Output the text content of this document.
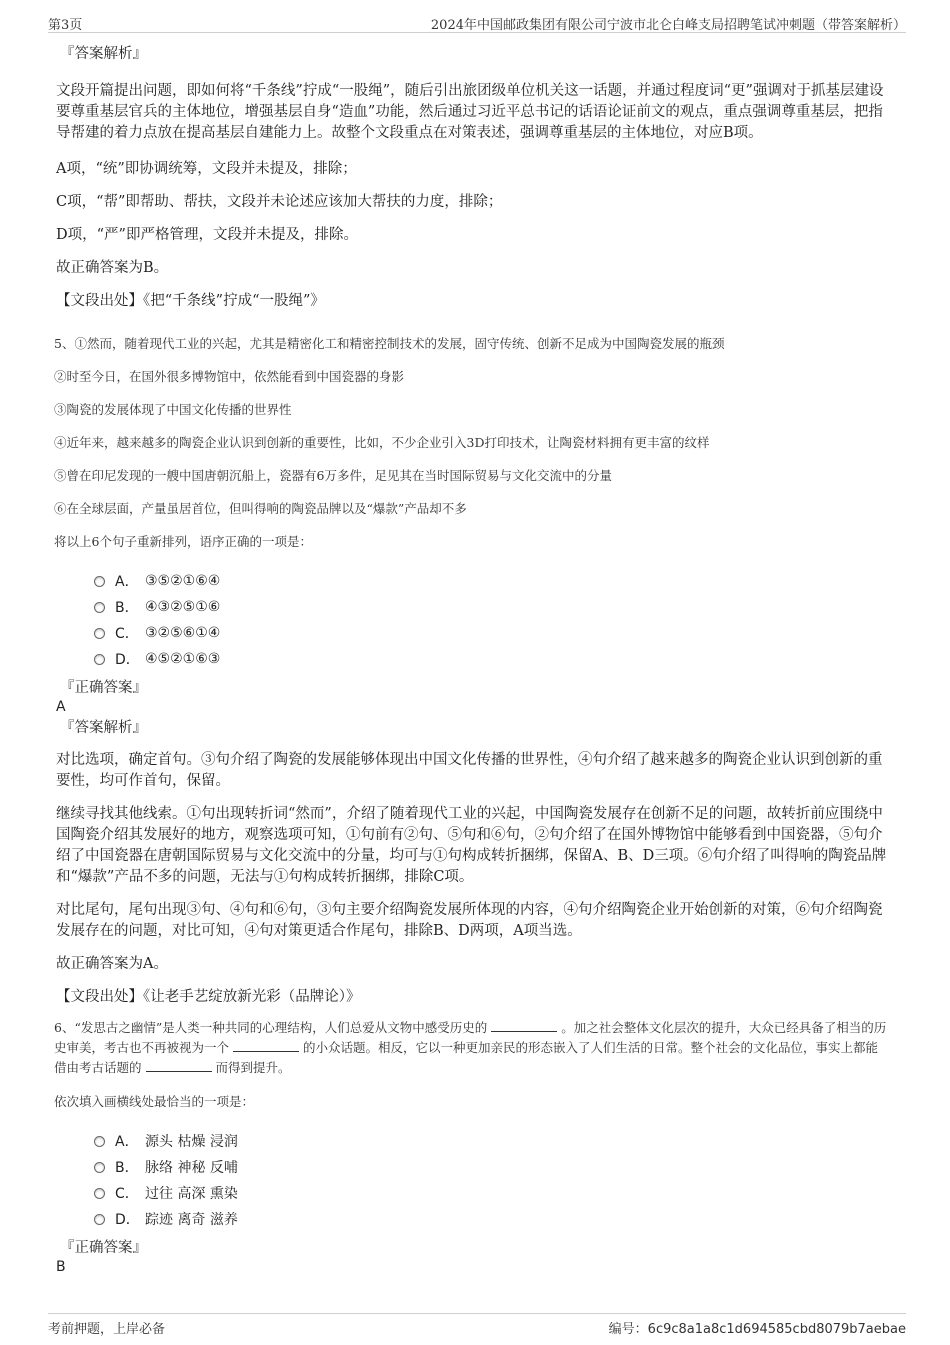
第3页	2024年中国邮政集团有限公司宁波市北仑白峰支局招聘笔试冲刺题（带答案解析）

『答案解析』

文段开篇提出问题，即如何将“千条线”拧成“一股绳”，随后引出旅团级单位机关这一话题，并通过程度词“更”强调对于抓基层建设要尊重基层官兵的主体地位，增强基层自身“造血”功能，然后通过习近平总书记的话语论证前文的观点，重点强调尊重基层，把指导帮建的着力点放在提高基层自建能力上。故整个文段重点在对策表述，强调尊重基层的主体地位，对应B项。

A项，“统”即协调统筹，文段并未提及，排除；

C项，“帮”即帮助、帮扶，文段并未论述应该加大帮扶的力度，排除；

D项，“严”即严格管理，文段并未提及，排除。

故正确答案为B。

【文段出处】《把“千条线”拧成“一股绳”》

5、①然而，随着现代工业的兴起，尤其是精密化工和精密控制技术的发展，固守传统、创新不足成为中国陶瓷发展的瓶颈

②时至今日，在国外很多博物馆中，依然能看到中国瓷器的身影

③陶瓷的发展体现了中国文化传播的世界性

④近年来，越来越多的陶瓷企业认识到创新的重要性，比如，不少企业引入3D打印技术，让陶瓷材料拥有更丰富的纹样

⑤曾在印尼发现的一艘中国唐朝沉船上，瓷器有6万多件，足见其在当时国际贸易与文化交流中的分量

⑥在全球层面，产量虽居首位，但叫得响的陶瓷品牌以及“爆款”产品却不多

将以上6个句子重新排列，语序正确的一项是：

A． ③⑤②①⑥④
B． ④③②⑤①⑥
C． ③②⑤⑥①④
D． ④⑤②①⑥③

『正确答案』

A

『答案解析』

对比选项，确定首句。③句介绍了陶瓷的发展能够体现出中国文化传播的世界性，④句介绍了越来越多的陶瓷企业认识到创新的重要性，均可作首句，保留。

继续寻找其他线索。①句出现转折词“然而”，介绍了随着现代工业的兴起，中国陶瓷发展存在创新不足的问题，故转折前应围绕中国陶瓷介绍其发展好的地方，观察选项可知，①句前有②句、⑤句和⑥句，②句介绍了在国外博物馆中能够看到中国瓷器，⑤句介绍了中国瓷器在唐朝国际贸易与文化交流中的分量，均可与①句构成转折捆绑，保留A、B、D三项。⑥句介绍了叫得响的陶瓷品牌和“爆款”产品不多的问题，无法与①句构成转折捆绑，排除C项。

对比尾句，尾句出现③句、④句和⑥句，③句主要介绍陶瓷发展所体现的内容，④句介绍陶瓷企业开始创新的对策，⑥句介绍陶瓷发展存在的问题，对比可知，④句对策更适合作尾句，排除B、D两项，A项当选。

故正确答案为A。

【文段出处】《让老手艺绽放新光彩（品牌论）》

6、“发思古之幽情”是人类一种共同的心理结构，人们总爱从文物中感受历史的	。加之社会整体文化层次的提升，大众已经具备了相当的历史审美，考古也不再被视为一个	的小众话题。相反，它以一种更加亲民的形态嵌入了人们生活的日常。整个社会的文化品位，事实上都能借由考古话题的	而得到提升。

依次填入画横线处最恰当的一项是：

A． 源头 枯燥 浸润
B． 脉络 神秘 反哺
C． 过往 高深 熏染
D． 踪迹 离奇 滋养

『正确答案』

B

考前押题，上岸必备	编号：6c9c8a1a8c1d694585cbd8079b7aebae
